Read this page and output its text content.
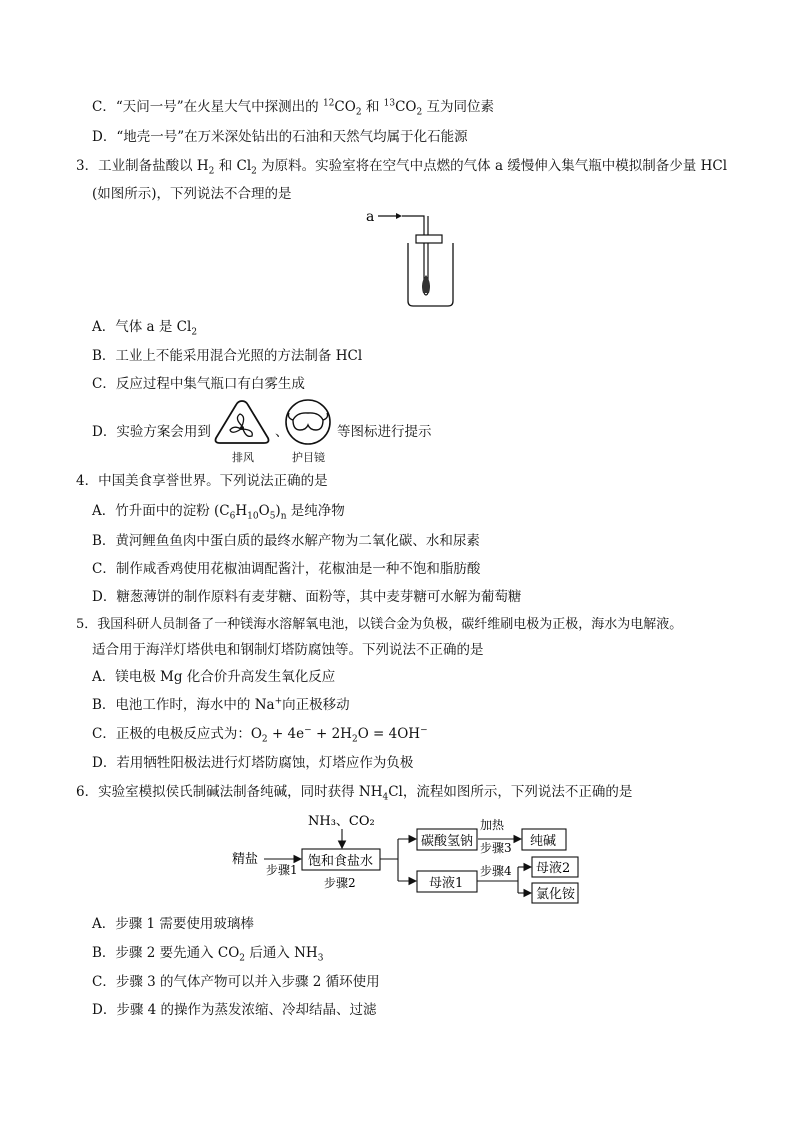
C．“天问一号”在火星大气中探测出的 $^{12}CO_2$ 和 $^{13}CO_2$ 互为同位素
D．“地壳一号”在万米深处钻出的石油和天然气均属于化石能源
3．工业制备盐酸以 $H_2$ 和 $Cl_2$ 为原料。实验室将在空气中点燃的气体 a 缓慢伸入集气瓶中模拟制备少量 HCl
(如图所示)，下列说法不合理的是
a
A．气体 a 是 $Cl_2$
B．工业上不能采用混合光照的方法制备 HCl
C．反应过程中集气瓶口有白雾生成
D．实验方案会用到	、	等图标进行提示
排风	护目镜
4．中国美食享誉世界。下列说法正确的是
A．竹升面中的淀粉 $(C_6H_{10}O_5)_n$ 是纯净物
B．黄河鲤鱼鱼肉中蛋白质的最终水解产物为二氧化碳、水和尿素
C．制作咸香鸡使用花椒油调配酱汁，花椒油是一种不饱和脂肪酸
D．糖葱薄饼的制作原料有麦芽糖、面粉等，其中麦芽糖可水解为葡萄糖
5．我国科研人员制备了一种镁海水溶解氧电池，以镁合金为负极，碳纤维刷电极为正极，海水为电解液。
适合用于海洋灯塔供电和钢制灯塔防腐蚀等。下列说法不正确的是
A．镁电极 Mg 化合价升高发生氧化反应
B．电池工作时，海水中的 Na+向正极移动
C．正极的电极反应式为：$O_2 + 4e^- + 2H_2O = 4OH^-$
D．若用牺牲阳极法进行灯塔防腐蚀，灯塔应作为负极
6．实验室模拟侯氏制碱法制备纯碱，同时获得 $NH_4Cl$，流程如图所示，下列说法不正确的是
NH₃、CO₂
精盐
步骤1
饱和食盐水
步骤2
碳酸氢钠
加热
步骤3 纯碱
母液1
步骤4 母液2
氯化铵
A．步骤 1 需要使用玻璃棒
B．步骤 2 要先通入 $CO_2$ 后通入 $NH_3$
C．步骤 3 的气体产物可以并入步骤 2 循环使用
D．步骤 4 的操作为蒸发浓缩、冷却结晶、过滤
